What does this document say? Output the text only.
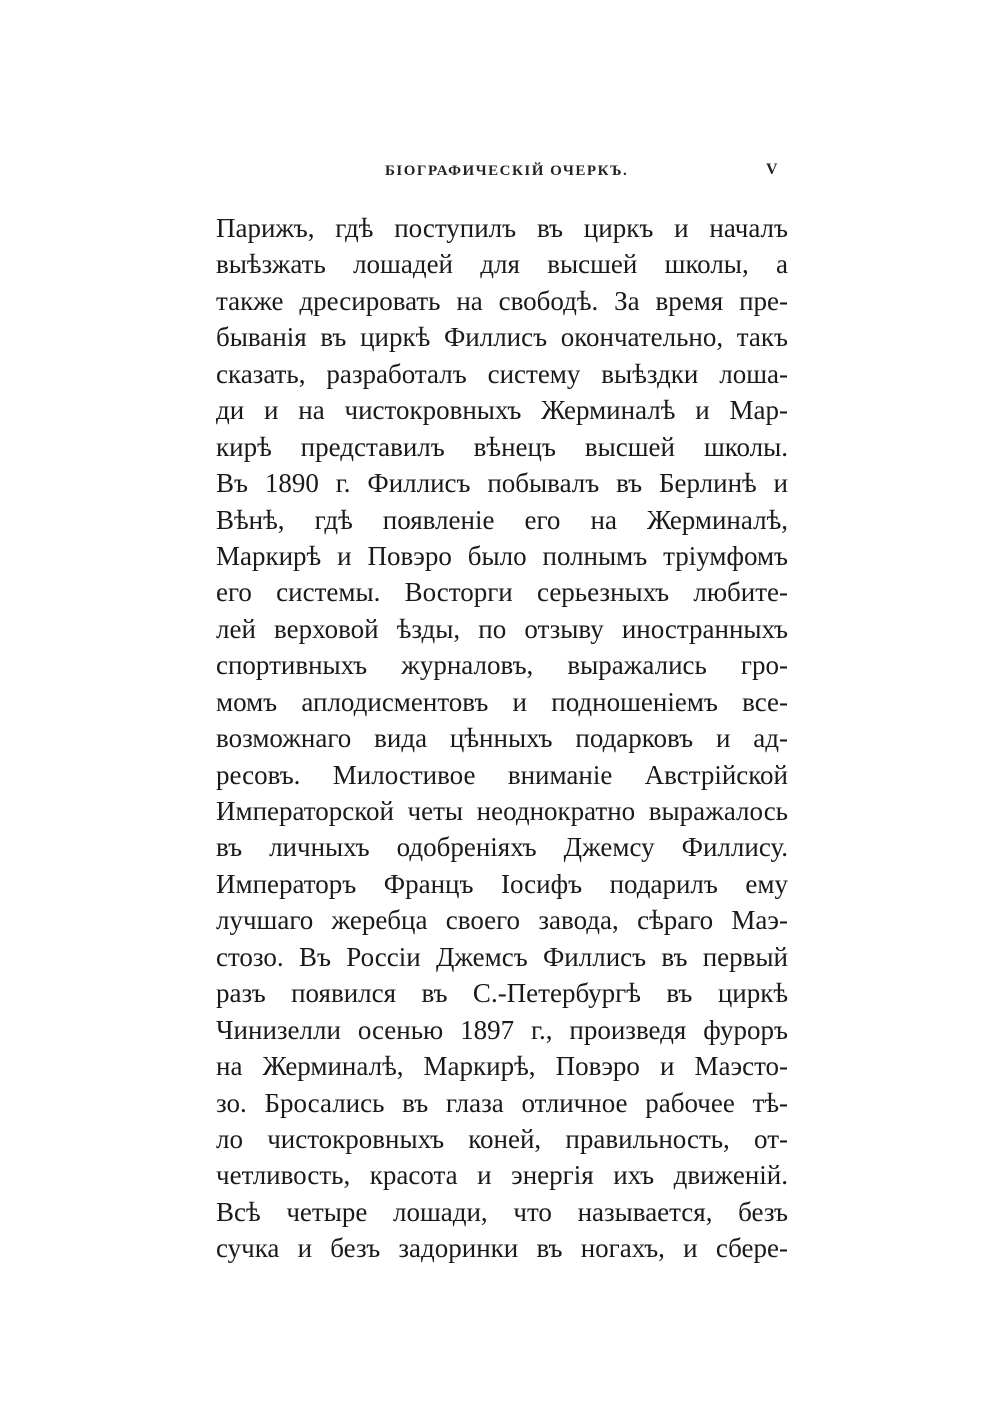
БIОГРАФИЧЕСКIЙ ОЧЕРКЪ.	V
Парижъ, гдѣ поступилъ въ циркъ и началъ
выѣзжать лошадей для высшей школы, а
также дресировать на свободѣ. За время пре-
быванiя въ циркѣ Филлисъ окончательно, такъ
сказать, разработалъ систему выѣздки лоша-
ди и на чистокровныхъ Жерминалѣ и Мар-
кирѣ представилъ вѣнецъ высшей школы.
Въ 1890 г. Филлисъ побывалъ въ Берлинѣ и
Вѣнѣ, гдѣ появленiе его на Жерминалѣ,
Маркирѣ и Повэро было полнымъ трiумфомъ
его системы. Восторги серьезныхъ любите-
лей верховой ѣзды, по отзыву иностранныхъ
спортивныхъ журналовъ, выражались гро-
момъ аплодисментовъ и подношенiемъ все-
возможнаго вида цѣнныхъ подарковъ и ад-
ресовъ. Милостивое вниманiе Австрiйской
Императорской четы неоднократно выражалось
въ личныхъ одобренiяхъ Джемсу Филлису.
Императоръ Францъ Iосифъ подарилъ ему
лучшаго жеребца своего завода, сѣраго Маэ-
стозо. Въ Россiи Джемсъ Филлисъ въ первый
разъ появился въ С.-Петербургѣ въ циркѣ
Чинизелли осенью 1897 г., произведя фуроръ
на Жерминалѣ, Маркирѣ, Повэро и Маэсто-
зо. Бросались въ глаза отличное рабочее тѣ-
ло чистокровныхъ коней, правильность, от-
четливость, красота и энергiя ихъ движенiй.
Всѣ четыре лошади, что называется, безъ
сучка и безъ задоринки въ ногахъ, и сбере-
